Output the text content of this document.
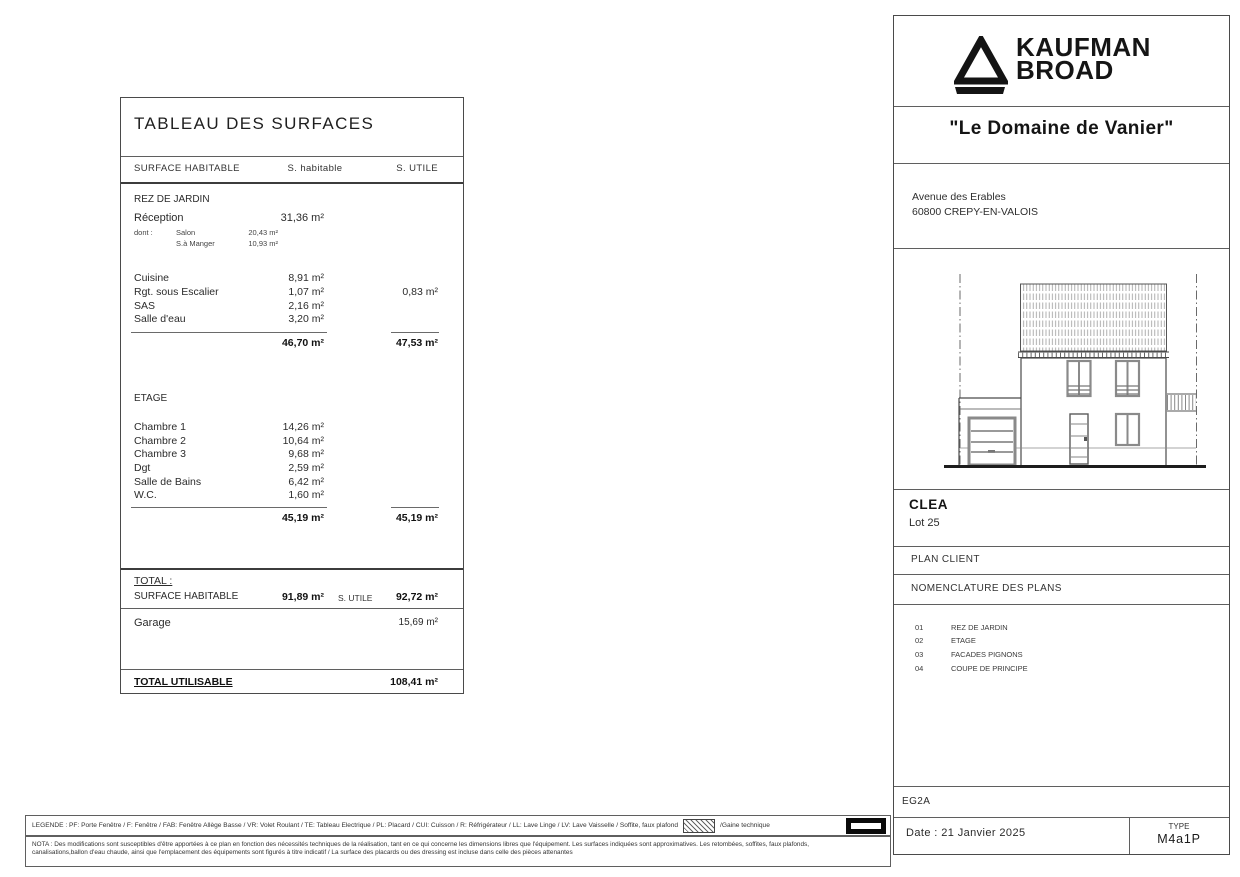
TABLEAU DES SURFACES
SURFACE HABITABLE	S. habitable	S. UTILE
REZ DE JARDIN
Réception	31,36 m²
dont :	Salon	20,43 m²
S.à Manger	10,93 m²
Cuisine	8,91 m²
Rgt. sous Escalier	1,07 m²	0,83 m²
SAS	2,16 m²
Salle d'eau	3,20 m²
46,70 m²	47,53 m²
ETAGE
Chambre 1	14,26 m²
Chambre 2	10,64 m²
Chambre 3	9,68 m²
Dgt	2,59 m²
Salle de Bains	6,42 m²
W.C.	1,60 m²
45,19 m²	45,19 m²
TOTAL :
SURFACE HABITABLE	91,89 m² S. UTILE	92,72 m²
Garage	15,69 m²
TOTAL UTILISABLE	108,41 m²
KAUFMAN
BROAD
"Le Domaine de Vanier"
Avenue des Erables
60800 CREPY-EN-VALOIS
CLEA
Lot 25
PLAN CLIENT
NOMENCLATURE DES PLANS
01	REZ DE JARDIN
02	ETAGE
03	FACADES PIGNONS
04	COUPE DE PRINCIPE
EG2A
Date : 21 Janvier 2025
TYPE
M4a1P
LEGENDE : PF: Porte Fenêtre / F: Fenêtre / FAB: Fenêtre Allège Basse / VR: Volet Roulant / TE: Tableau Electrique / PL: Placard / CUI: Cuisson / R: Réfrigérateur / LL: Lave Linge / LV: Lave Vaisselle / Soffite, faux plafond	/Gaine technique
NOTA : Des modifications sont susceptibles d'être apportées à ce plan en fonction des nécessités techniques de la réalisation, tant en ce qui concerne les dimensions libres que l'équipement. Les surfaces indiquées sont approximatives. Les retombées, soffites, faux plafonds,
canalisations,ballon d'eau chaude, ainsi que l'emplacement des équipements sont figurés à titre indicatif / La surface des placards ou des dressing est incluse dans celle des pièces attenantes
